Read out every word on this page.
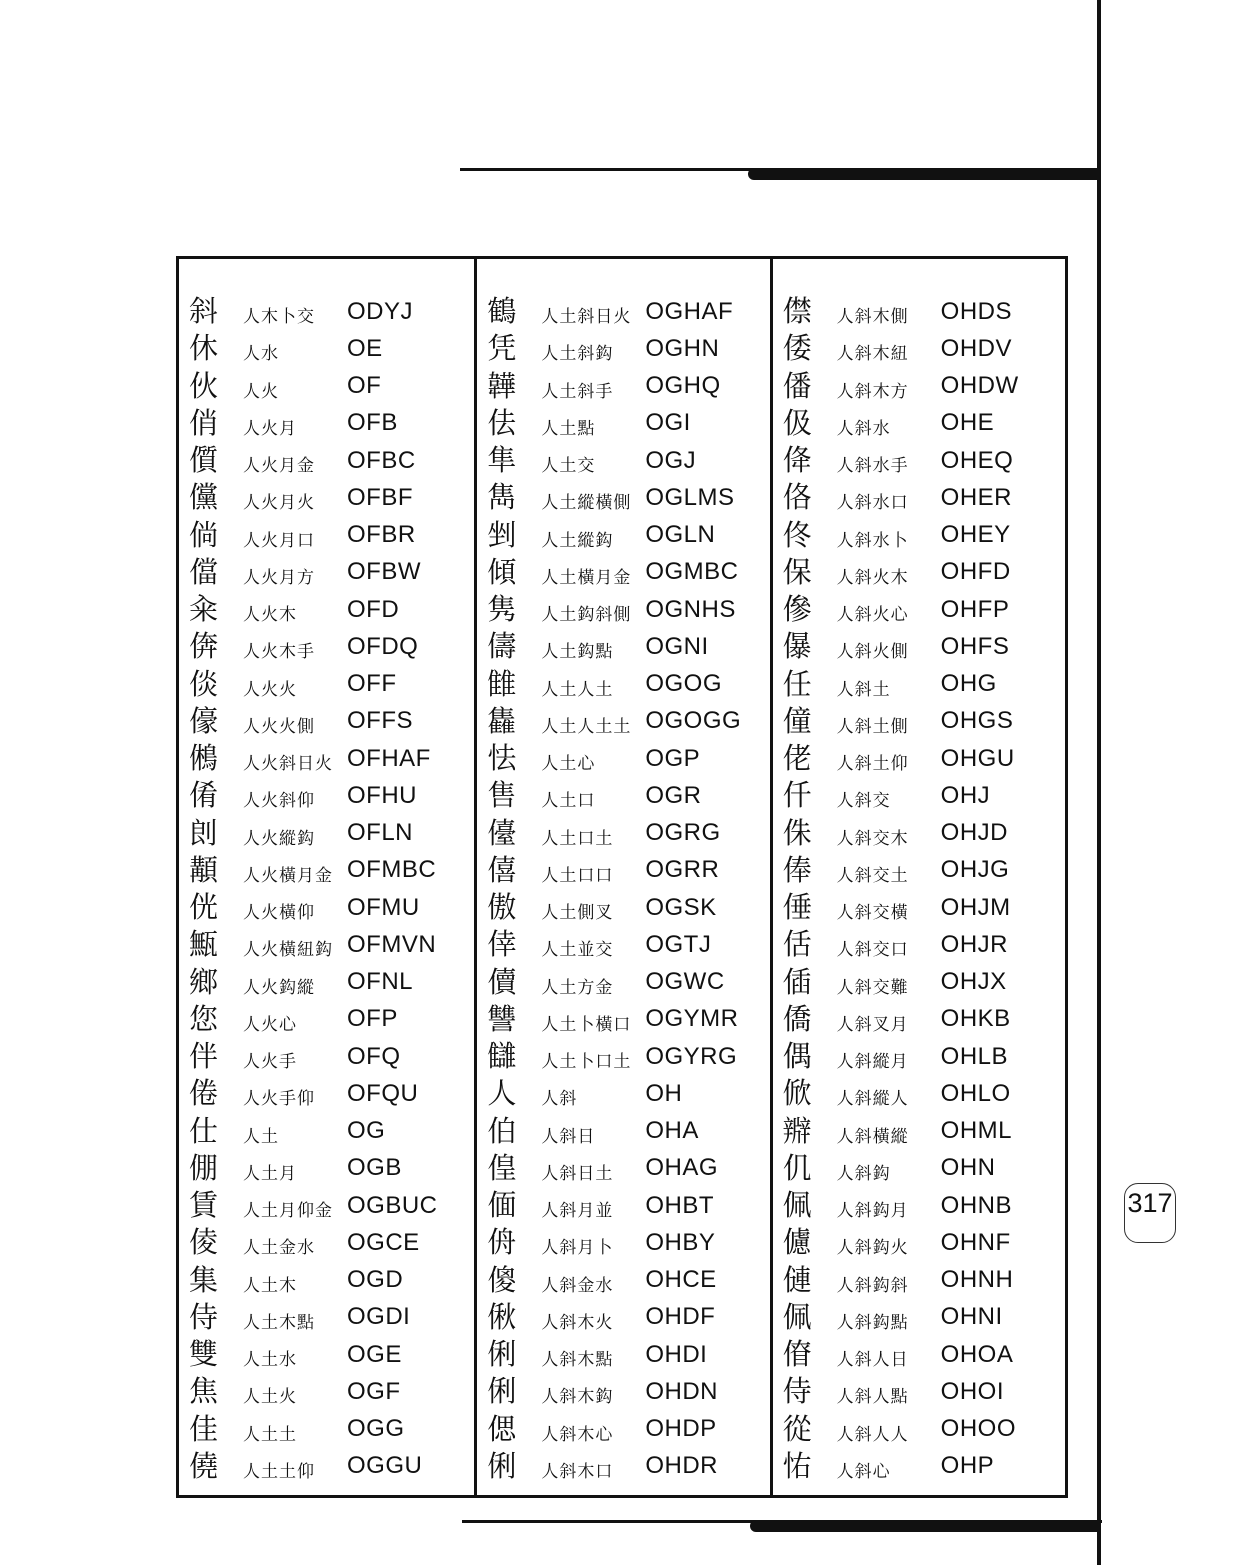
斜	人木卜交	ODYJ
休	人水	OE
伙	人火	OF
俏	人火月	OFB
儨	人火月金	OFBC
儻	人火月火	OFBF
倘	人火月口	OFBR
儅	人火月方	OFBW
籴	人火木	OFD
倴	人火木手	OFDQ
倓	人火火	OFF
儫	人火火側	OFFS
鵂	人火斜日火 OFHAF
倄	人火斜仰	OFHU
剆	人火縱鈎	OFLN
顜	人火橫月金 OFMBC
侊	人火橫仰	OFMU
甒	人火橫紐鈎 OFMVN
鄉	人火鈎縱	OFNL
您	人火心	OFP
伴	人火手	OFQ
倦	人火手仰	OFQU
仕	人土	OG
倗	人土月	OGB
賃	人土月仰金 OGBUC
倰	人土金水	OGCE
集	人土木	OGD
侍	人土木點	OGDI
雙	人土水	OGE
焦	人土火	OGF
佳	人土土	OGG
僥	人土土仰	OGGU
鶴	人土斜日火 OGHAF
凭	人土斜鈎	OGHN
韡	人土斜手	OGHQ
佉	人土點	OGI
隼	人土交	OGJ
雋	人土縱橫側 OGLMS
剉	人土縱鈎	OGLN
傾	人土橫月金 OGMBC
隽	人土鈎斜側 OGNHS
儔	人土鈎點	OGNI
雔	人土人土	OGOG
雥	人土人土土 OGOGG
怯	人土心	OGP
售	人土口	OGR
儓	人土口土	OGRG
僖	人土口口	OGRR
傲	人土側叉	OGSK
倖	人土並交	OGTJ
儥	人土方金	OGWC
讐	人土卜橫口 OGYMR
讎	人土卜口土 OGYRG
人	人斜	OH
伯	人斜日	OHA
偟	人斜日土	OHAG
偭	人斜月並	OHBT
侜	人斜月卜	OHBY
傻	人斜金水	OHCE
偢	人斜木火	OHDF
俐	人斜木點	OHDI
俐	人斜木鈎	OHDN
偲	人斜木心	OHDP
俐	人斜木口	OHDR
僸	人斜木側	OHDS
倭	人斜木紐	OHDV
僠	人斜木方	OHDW
伋	人斜水	OHE
佭	人斜水手	OHEQ
佫	人斜水口	OHER
佟	人斜水卜	OHEY
保	人斜火木	OHFD
傪	人斜火心	OHFP
儤	人斜火側	OHFS
任	人斜土	OHG
僮	人斜土側	OHGS
佬	人斜土仰	OHGU
仟	人斜交	OHJ
侏	人斜交木	OHJD
俸	人斜交土	OHJG
倕	人斜交橫	OHJM
佸	人斜交口	OHJR
偛	人斜交難	OHJX
僑	人斜叉月	OHKB
偶	人斜縱月	OHLB
俽	人斜縱人	OHLO
㸤	人斜橫縱	OHML
仉	人斜鈎	OHN
佩	人斜鈎月	OHNB
儢	人斜鈎火	OHNF
僆	人斜鈎斜	OHNH
佩	人斜鈎點	OHNI
傄	人斜人日	OHOA
侍	人斜人點	OHOI
從	人斜人人	OHOO
㤑	人斜心	OHP
317
